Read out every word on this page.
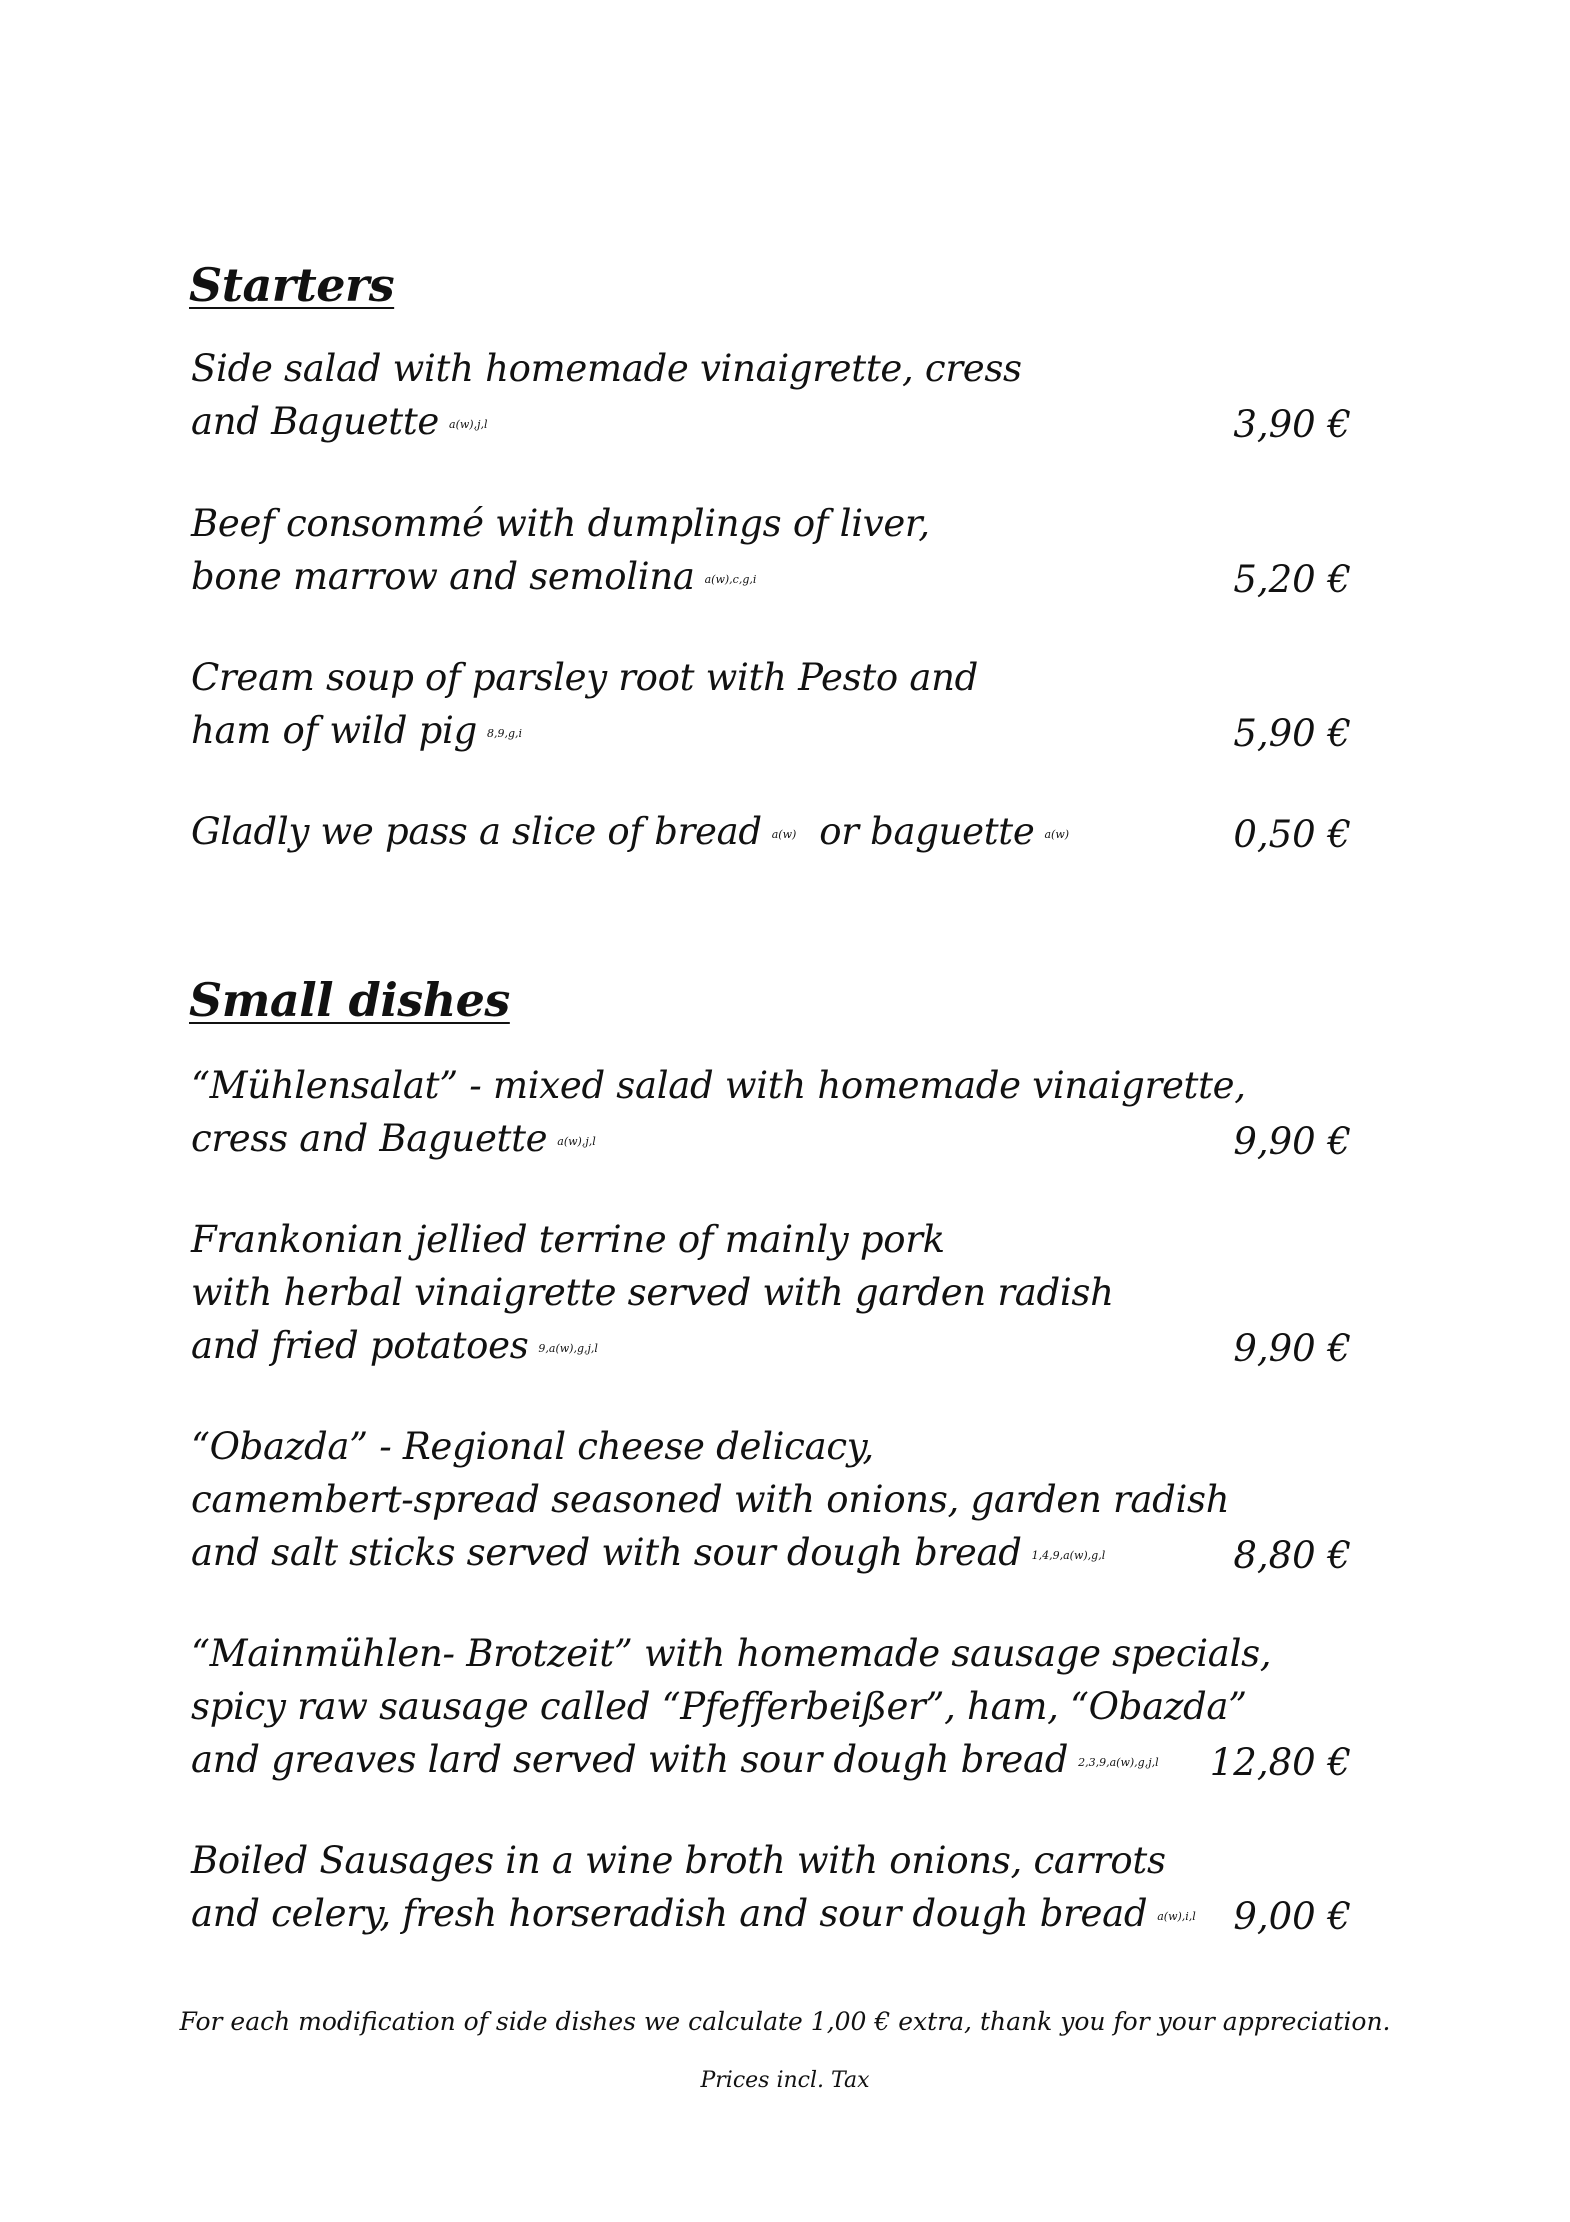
Starters
Side salad with homemade vinaigrette, cress
and Baguette a(w),j,l	3,90 €
Beef consommé with dumplings of liver,
bone marrow and semolina a(w),c,g,i	5,20 €
Cream soup of parsley root with Pesto and
ham of wild pig 8,9,g,i	5,90 €
Gladly we pass a slice of bread a(w) or baguette a(w)	0,50 €
Small dishes
“Mühlensalat” - mixed salad with homemade vinaigrette,
cress and Baguette a(w),j,l	9,90 €
Frankonian jellied terrine of mainly pork
with herbal vinaigrette served with garden radish
and fried potatoes 9,a(w),g,j,l	9,90 €
“Obazda” - Regional cheese delicacy,
camembert-spread seasoned with onions, garden radish
and salt sticks served with sour dough bread 1,4,9,a(w),g,l	8,80 €
“Mainmühlen- Brotzeit” with homemade sausage specials,
spicy raw sausage called “Pfefferbeißer”, ham, “Obazda”
and greaves lard served with sour dough bread 2,3,9,a(w),g,j,l	12,80 €
Boiled Sausages in a wine broth with onions, carrots
and celery, fresh horseradish and sour dough bread a(w),i,l	9,00 €
For each modification of side dishes we calculate 1,00 € extra, thank you for your appreciation.
Prices incl. Tax
